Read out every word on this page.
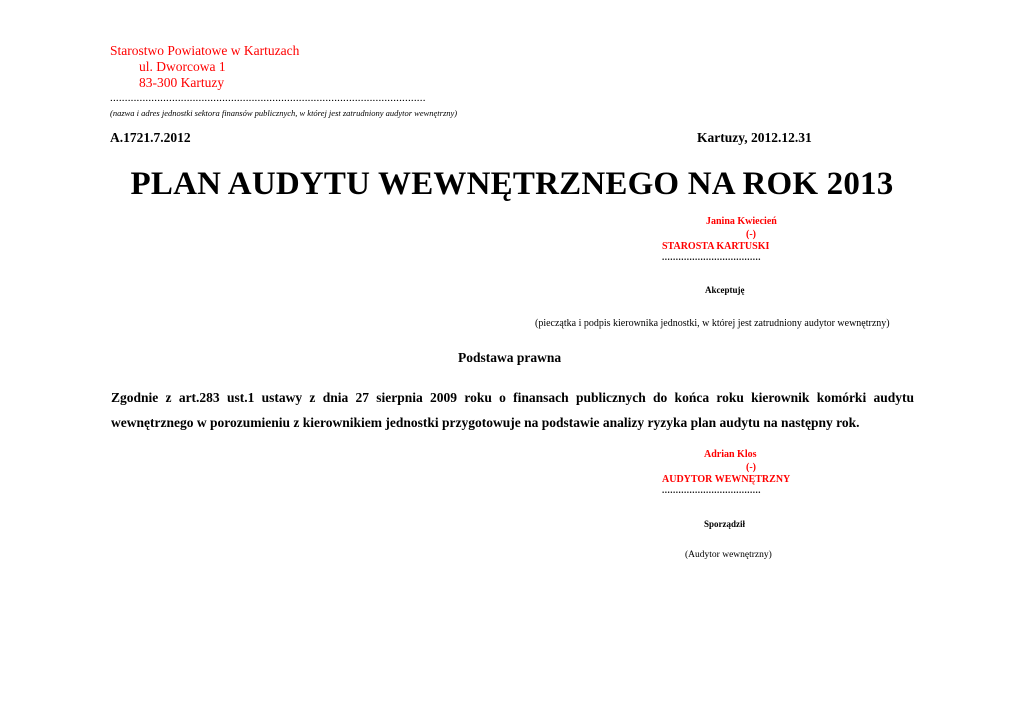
Starostwo Powiatowe w Kartuzach
ul. Dworcowa 1
83-300 Kartuzy
...........................................................................................................
(nazwa i adres jednostki sektora finansów publicznych, w której jest zatrudniony audytor wewnętrzny)
A.1721.7.2012	Kartuzy, 2012.12.31
PLAN AUDYTU WEWNĘTRZNEGO NA ROK 2013
Janina Kwiecień
(-)
STAROSTA KARTUSKI
....................................
Akceptuję
(pieczątka i podpis kierownika jednostki, w której jest zatrudniony audytor wewnętrzny)
Podstawa prawna
Zgodnie z art.283 ust.1 ustawy z dnia 27 sierpnia 2009 roku o finansach publicznych do końca roku kierownik komórki audytu wewnętrznego w porozumieniu z kierownikiem jednostki przygotowuje na podstawie analizy ryzyka plan audytu na następny rok.
Adrian Klos
(-)
AUDYTOR WEWNĘTRZNY
....................................
Sporządził
(Audytor wewnętrzny)
